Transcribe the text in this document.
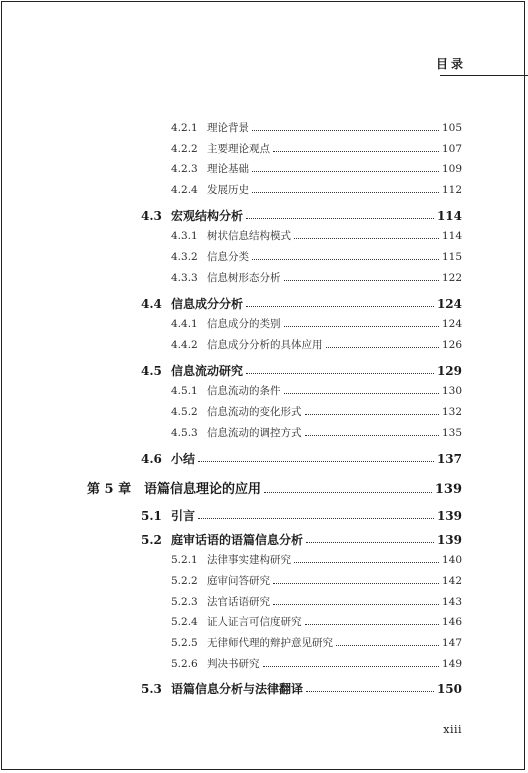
目录
4.2.1 理论背景	105
4.2.2 主要理论观点	107
4.2.3 理论基础	109
4.2.4 发展历史	112
4.3 宏观结构分析	114
4.3.1 树状信息结构模式	114
4.3.2 信息分类	115
4.3.3 信息树形态分析	122
4.4 信息成分分析	124
4.4.1 信息成分的类别	124
4.4.2 信息成分分析的具体应用	126
4.5 信息流动研究	129
4.5.1 信息流动的条件	130
4.5.2 信息流动的变化形式	132
4.5.3 信息流动的调控方式	135
4.6 小结	137
第 5 章 语篇信息理论的应用	139
5.1 引言	139
5.2 庭审话语的语篇信息分析	139
5.2.1 法律事实建构研究	140
5.2.2 庭审问答研究	142
5.2.3 法官话语研究	143
5.2.4 证人证言可信度研究	146
5.2.5 无律师代理的辩护意见研究	147
5.2.6 判决书研究	149
5.3 语篇信息分析与法律翻译	150
xiii
